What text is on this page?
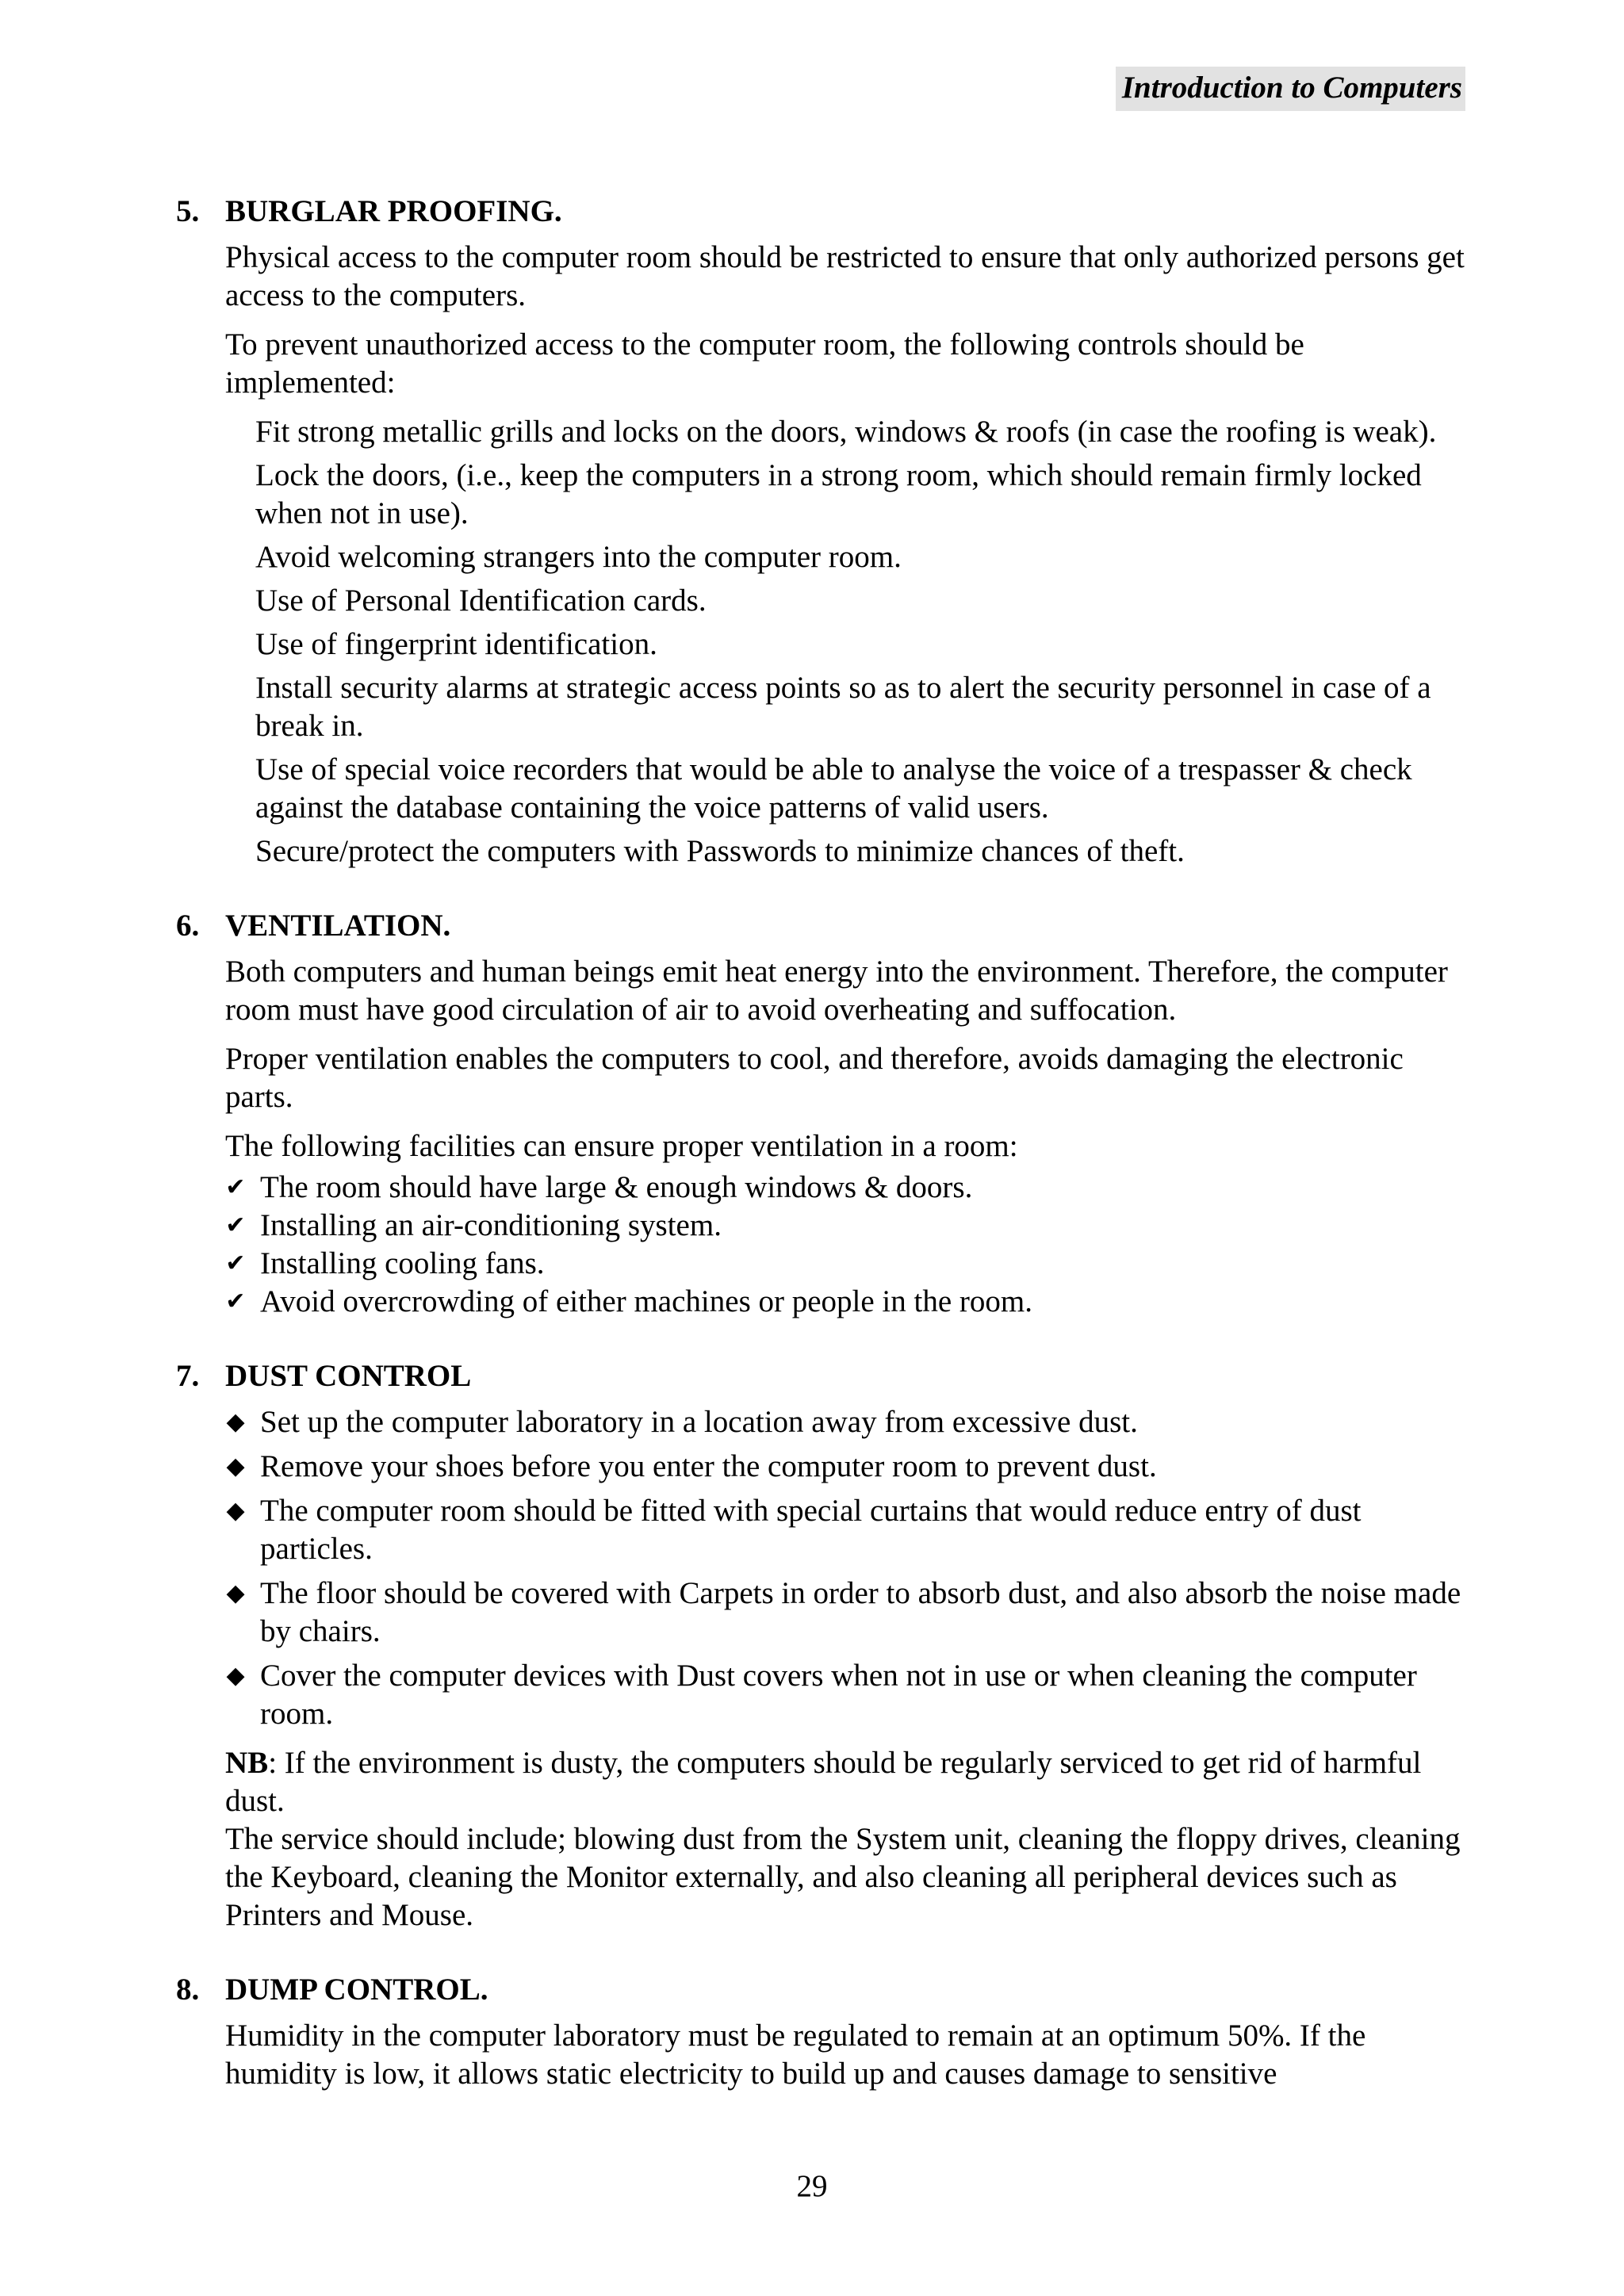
Introduction to Computers
5. BURGLAR PROOFING.

Physical access to the computer room should be restricted to ensure that only authorized persons get access to the computers.

To prevent unauthorized access to the computer room, the following controls should be implemented:

Fit strong metallic grills and locks on the doors, windows & roofs (in case the roofing is weak).
Lock the doors, (i.e., keep the computers in a strong room, which should remain firmly locked when not in use).
Avoid welcoming strangers into the computer room.
Use of Personal Identification cards.
Use of fingerprint identification.
Install security alarms at strategic access points so as to alert the security personnel in case of a break in.
Use of special voice recorders that would be able to analyse the voice of a trespasser & check against the database containing the voice patterns of valid users.
Secure/protect the computers with Passwords to minimize chances of theft.
6. VENTILATION.

Both computers and human beings emit heat energy into the environment. Therefore, the computer room must have good circulation of air to avoid overheating and suffocation.

Proper ventilation enables the computers to cool, and therefore, avoids damaging the electronic parts.

The following facilities can ensure proper ventilation in a room:

✔ The room should have large & enough windows & doors.
✔ Installing an air-conditioning system.
✔ Installing cooling fans.
✔ Avoid overcrowding of either machines or people in the room.
7. DUST CONTROL
◆ Set up the computer laboratory in a location away from excessive dust.
◆ Remove your shoes before you enter the computer room to prevent dust.
◆ The computer room should be fitted with special curtains that would reduce entry of dust particles.
◆ The floor should be covered with Carpets in order to absorb dust, and also absorb the noise made by chairs.
◆ Cover the computer devices with Dust covers when not in use or when cleaning the computer room.
NB: If the environment is dusty, the computers should be regularly serviced to get rid of harmful dust.
The service should include; blowing dust from the System unit, cleaning the floppy drives, cleaning the Keyboard, cleaning the Monitor externally, and also cleaning all peripheral devices such as Printers and Mouse.
8. DUMP CONTROL.

Humidity in the computer laboratory must be regulated to remain at an optimum 50%. If the humidity is low, it allows static electricity to build up and causes damage to sensitive

29
